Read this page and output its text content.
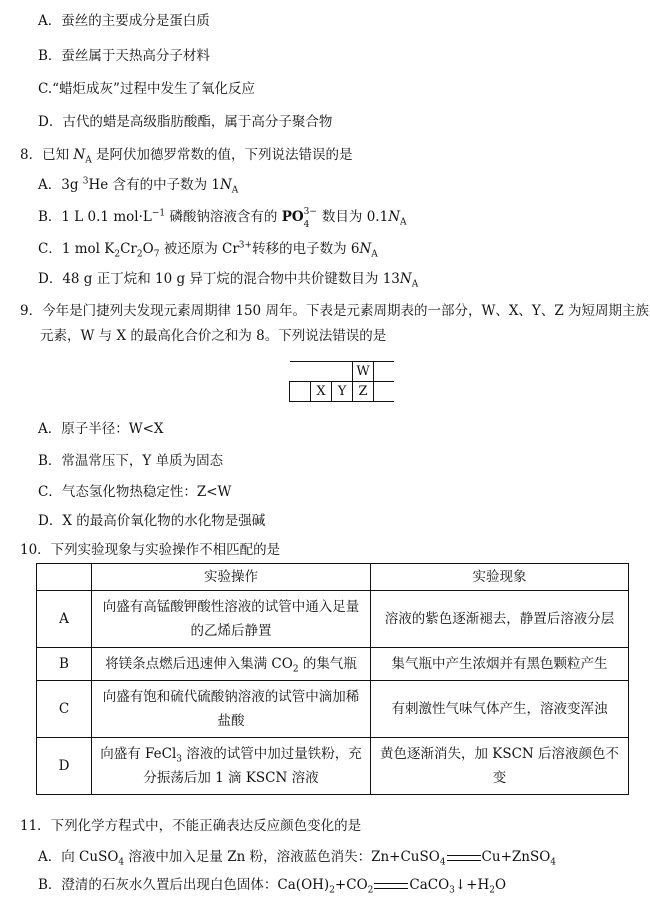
A．蚕丝的主要成分是蛋白质
B．蚕丝属于天热高分子材料
C.“蜡炬成灰”过程中发生了氧化反应
D．古代的蜡是高级脂肪酸酯，属于高分子聚合物
8．已知 $N_A$ 是阿伏加德罗常数的值，下列说法错误的是
A．3g $^3$He 含有的中子数为 $1N_A$
B．1 L 0.1 $mol\cdot L^{-1}$ 磷酸钠溶液含有的 PO 3−
4 数目为 $0.1N_A$
C．1 mol $K_2Cr_2O_7$ 被还原为 $Cr^{3+}$转移的电子数为 $6N_A$
D．48 g 正丁烷和 10 g 异丁烷的混合物中共价键数目为 $13N_A$
9．今年是门捷列夫发现元素周期律 150 周年。下表是元素周期表的一部分，W、X、Y、Z 为短周期主族
元素，W 与 X 的最高化合价之和为 8。下列说法错误的是
			W	
	X	Y	Z	
A．原子半径：W<X
B．常温常压下，Y 单质为固态
C．气态氢化物热稳定性：Z<W
D．X 的最高价氧化物的水化物是强碱
10．下列实验现象与实验操作不相匹配的是
	实验操作	实验现象
A	向盛有高锰酸钾酸性溶液的试管中通入足量的乙烯后静置	溶液的紫色逐渐褪去，静置后溶液分层
B	将镁条点燃后迅速伸入集满 $CO_2$ 的集气瓶	集气瓶中产生浓烟并有黑色颗粒产生
C	向盛有饱和硫代硫酸钠溶液的试管中滴加稀盐酸	有刺激性气味气体产生，溶液变浑浊
D	向盛有 FeCl$_3$ 溶液的试管中加过量铁粉，充分振荡后加 1 滴 KSCN 溶液	黄色逐渐消失，加 KSCN 后溶液颜色不变
11．下列化学方程式中，不能正确表达反应颜色变化的是
A．向 CuSO$_4$ 溶液中加入足量 Zn 粉，溶液蓝色消失：Zn+CuSO$_4$	Cu+ZnSO$_4$
B．澄清的石灰水久置后出现白色固体：$Ca(OH)_2+CO_2$	$CaCO_3↓+H_2O$
